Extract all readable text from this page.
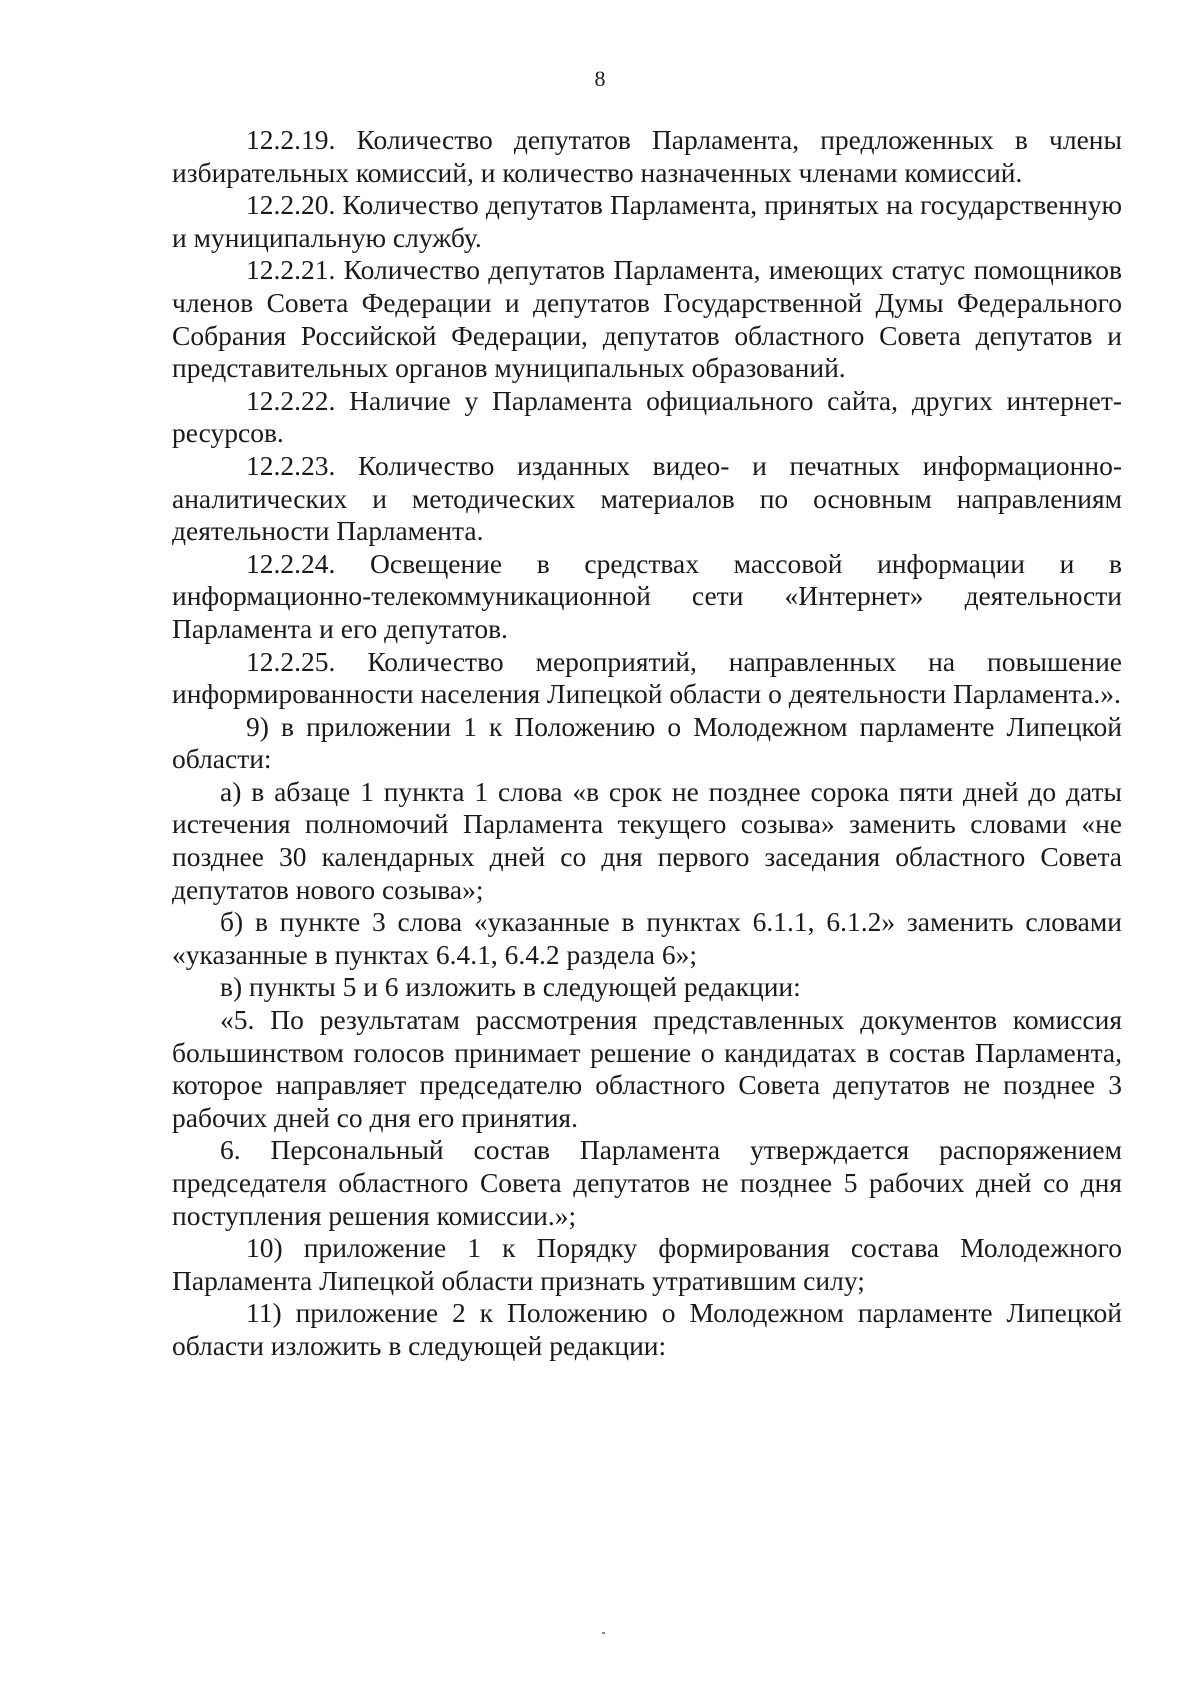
8

12.2.19. Количество депутатов Парламента, предложенных в члены избирательных комиссий, и количество назначенных членами комиссий.

12.2.20. Количество депутатов Парламента, принятых на государственную и муниципальную службу.

12.2.21. Количество депутатов Парламента, имеющих статус помощников членов Совета Федерации и депутатов Государственной Думы Федерального Собрания Российской Федерации, депутатов областного Совета депутатов и представительных органов муниципальных образований.

12.2.22. Наличие у Парламента официального сайта, других интернет-ресурсов.

12.2.23. Количество изданных видео- и печатных информационно-аналитических и методических материалов по основным направлениям деятельности Парламента.

12.2.24. Освещение в средствах массовой информации и в информационно-телекоммуникационной сети «Интернет» деятельности Парламента и его депутатов.

12.2.25. Количество мероприятий, направленных на повышение информированности населения Липецкой области о деятельности Парламента.».

9) в приложении 1 к Положению о Молодежном парламенте Липецкой области:

а) в абзаце 1 пункта 1 слова «в срок не позднее сорока пяти дней до даты истечения полномочий Парламента текущего созыва» заменить словами «не позднее 30 календарных дней со дня первого заседания областного Совета депутатов нового созыва»;

б) в пункте 3 слова «указанные в пунктах 6.1.1, 6.1.2» заменить словами «указанные в пунктах 6.4.1, 6.4.2 раздела 6»;

в) пункты 5 и 6 изложить в следующей редакции:

«5. По результатам рассмотрения представленных документов комиссия большинством голосов принимает решение о кандидатах в состав Парламента, которое направляет председателю областного Совета депутатов не позднее 3 рабочих дней со дня его принятия.

6. Персональный состав Парламента утверждается распоряжением председателя областного Совета депутатов не позднее 5 рабочих дней со дня поступления решения комиссии.»;

10) приложение 1 к Порядку формирования состава Молодежного Парламента Липецкой области признать утратившим силу;

11) приложение 2 к Положению о Молодежном парламенте Липецкой области изложить в следующей редакции:
